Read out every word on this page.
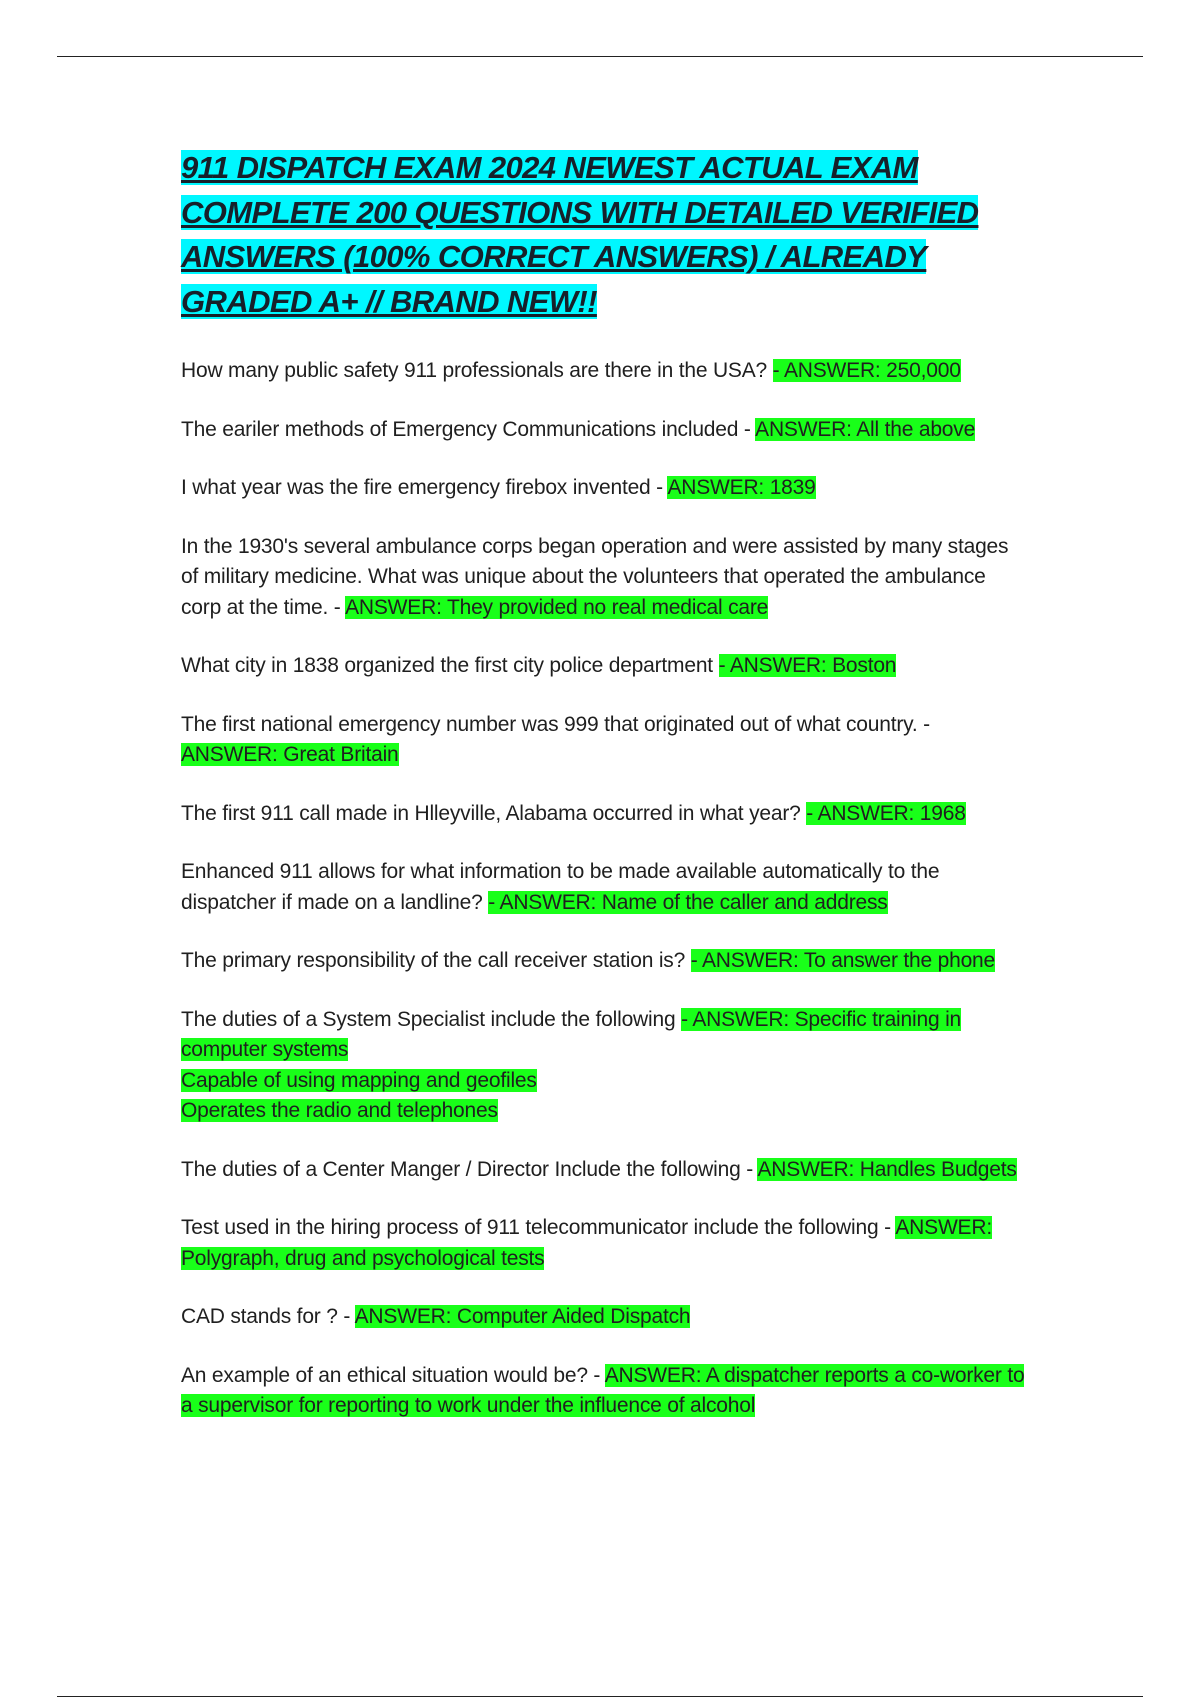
911 DISPATCH EXAM 2024 NEWEST ACTUAL EXAM COMPLETE 200 QUESTIONS WITH DETAILED VERIFIED ANSWERS (100% CORRECT ANSWERS) / ALREADY GRADED A+ // BRAND NEW!!

How many public safety 911 professionals are there in the USA? - ANSWER: 250,000

The eariler methods of Emergency Communications included - ANSWER: All the above

I what year was the fire emergency firebox invented - ANSWER: 1839

In the 1930's several ambulance corps began operation and were assisted by many stages of military medicine. What was unique about the volunteers that operated the ambulance corp at the time. - ANSWER: They provided no real medical care

What city in 1838 organized the first city police department - ANSWER: Boston

The first national emergency number was 999 that originated out of what country. - ANSWER: Great Britain

The first 911 call made in Hlleyville, Alabama occurred in what year? - ANSWER: 1968

Enhanced 911 allows for what information to be made available automatically to the dispatcher if made on a landline? - ANSWER: Name of the caller and address

The primary responsibility of the call receiver station is? - ANSWER: To answer the phone

The duties of a System Specialist include the following - ANSWER: Specific training in computer systems
Capable of using mapping and geofiles
Operates the radio and telephones

The duties of a Center Manger / Director Include the following - ANSWER: Handles Budgets

Test used in the hiring process of 911 telecommunicator include the following - ANSWER: Polygraph, drug and psychological tests

CAD stands for ? - ANSWER: Computer Aided Dispatch

An example of an ethical situation would be? - ANSWER: A dispatcher reports a co-worker to a supervisor for reporting to work under the influence of alcohol
